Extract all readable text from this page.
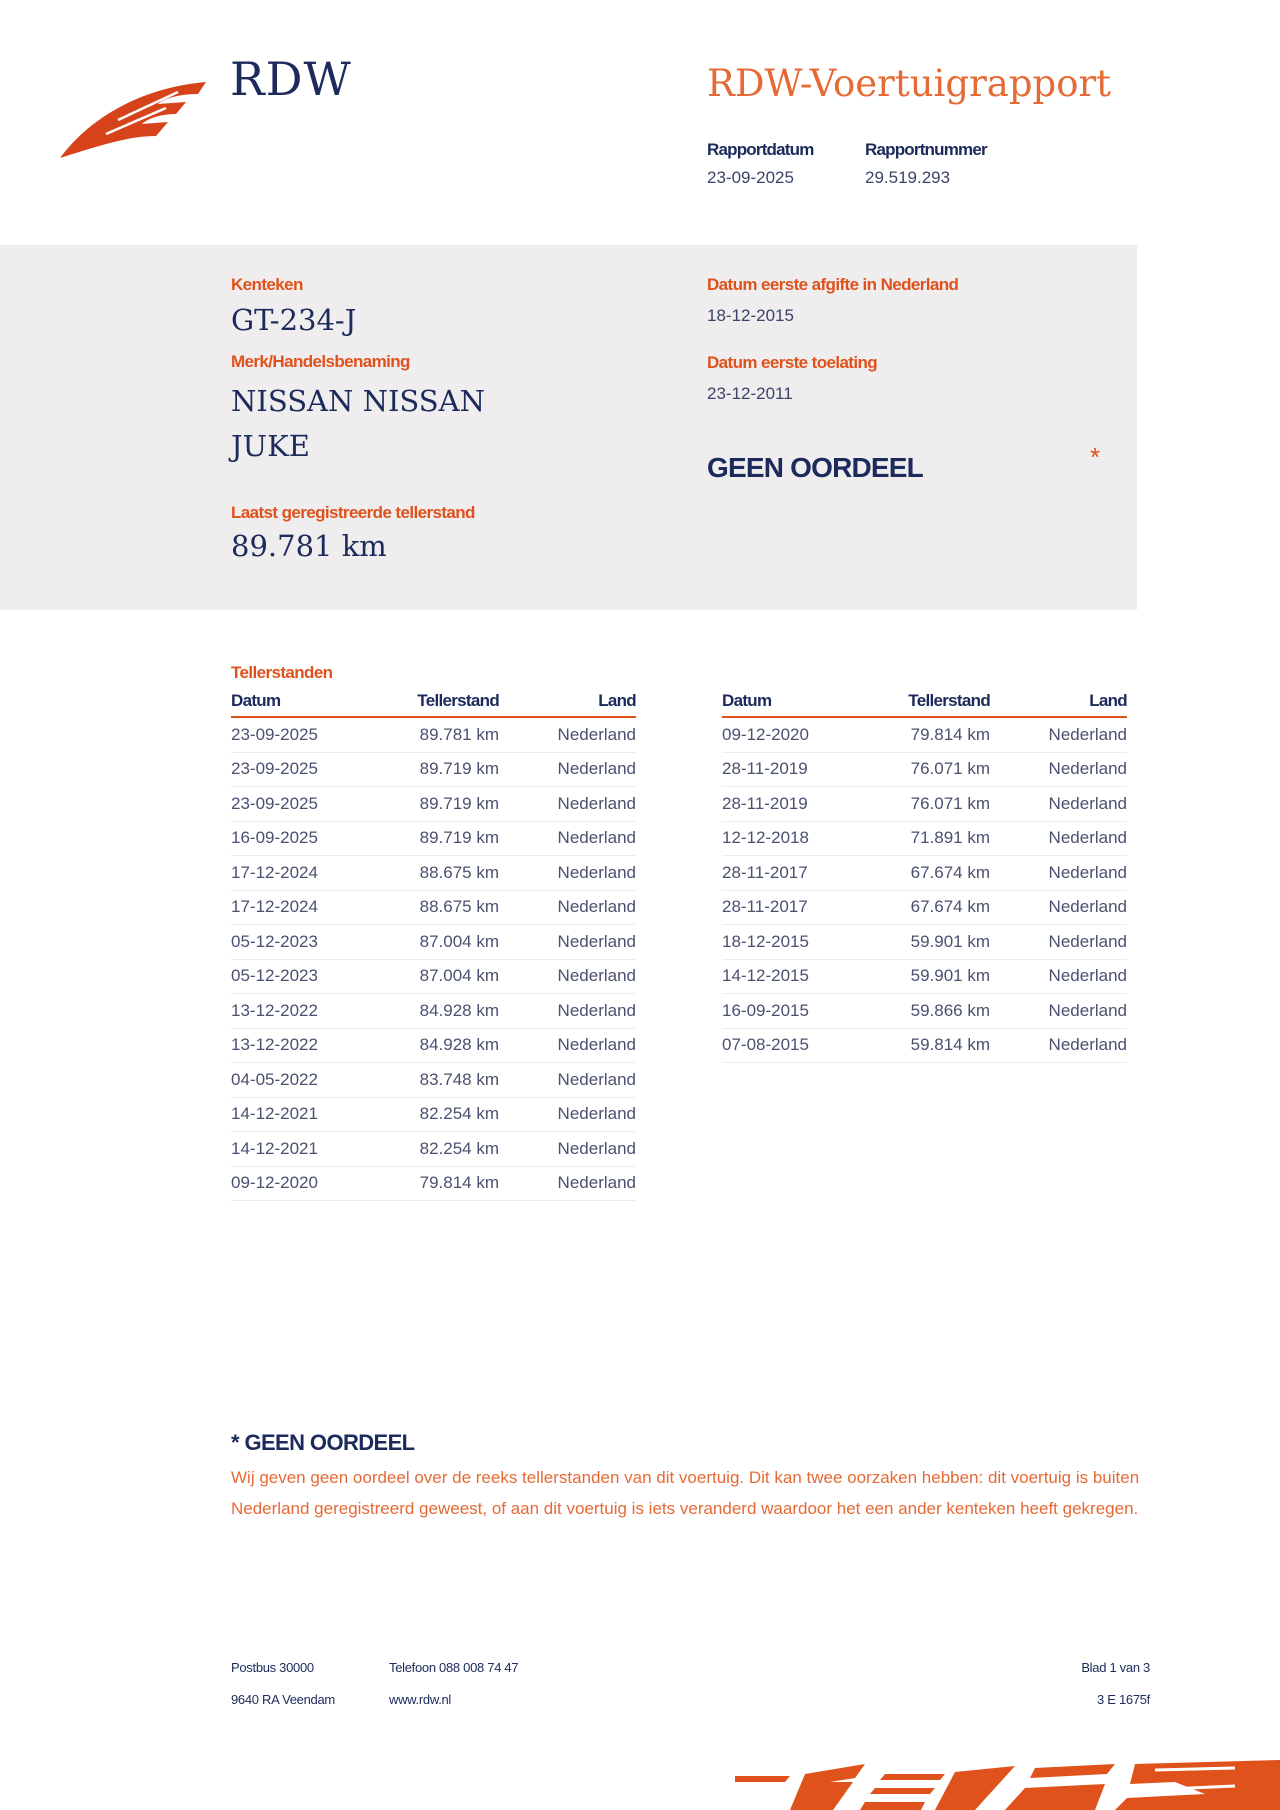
RDW	RDW-Voertuigrapport
Rapportdatum
23-09-2025
Rapportnummer
29.519.293
Kenteken
GT-234-J
Merk/Handelsbenaming
NISSAN NISSAN
JUKE
Laatst geregistreerde tellerstand
89.781 km
Datum eerste afgifte in Nederland
18-12-2015
Datum eerste toelating
23-12-2011
GEEN OORDEEL	*
Tellerstanden
Datum	Tellerstand	Land
23-09-2025	89.781 km	Nederland
23-09-2025	89.719 km	Nederland
23-09-2025	89.719 km	Nederland
16-09-2025	89.719 km	Nederland
17-12-2024	88.675 km	Nederland
17-12-2024	88.675 km	Nederland
05-12-2023	87.004 km	Nederland
05-12-2023	87.004 km	Nederland
13-12-2022	84.928 km	Nederland
13-12-2022	84.928 km	Nederland
04-05-2022	83.748 km	Nederland
14-12-2021	82.254 km	Nederland
14-12-2021	82.254 km	Nederland
09-12-2020	79.814 km	Nederland
Datum	Tellerstand	Land
09-12-2020	79.814 km	Nederland
28-11-2019	76.071 km	Nederland
28-11-2019	76.071 km	Nederland
12-12-2018	71.891 km	Nederland
28-11-2017	67.674 km	Nederland
28-11-2017	67.674 km	Nederland
18-12-2015	59.901 km	Nederland
14-12-2015	59.901 km	Nederland
16-09-2015	59.866 km	Nederland
07-08-2015	59.814 km	Nederland
* GEEN OORDEEL
Wij geven geen oordeel over de reeks tellerstanden van dit voertuig. Dit kan twee oorzaken hebben: dit voertuig is buiten Nederland geregistreerd geweest, of aan dit voertuig is iets veranderd waardoor het een ander kenteken heeft gekregen.
Postbus 30000
9640 RA Veendam
Telefoon 088 008 74 47
www.rdw.nl
Blad 1 van 3
3 E 1675f
